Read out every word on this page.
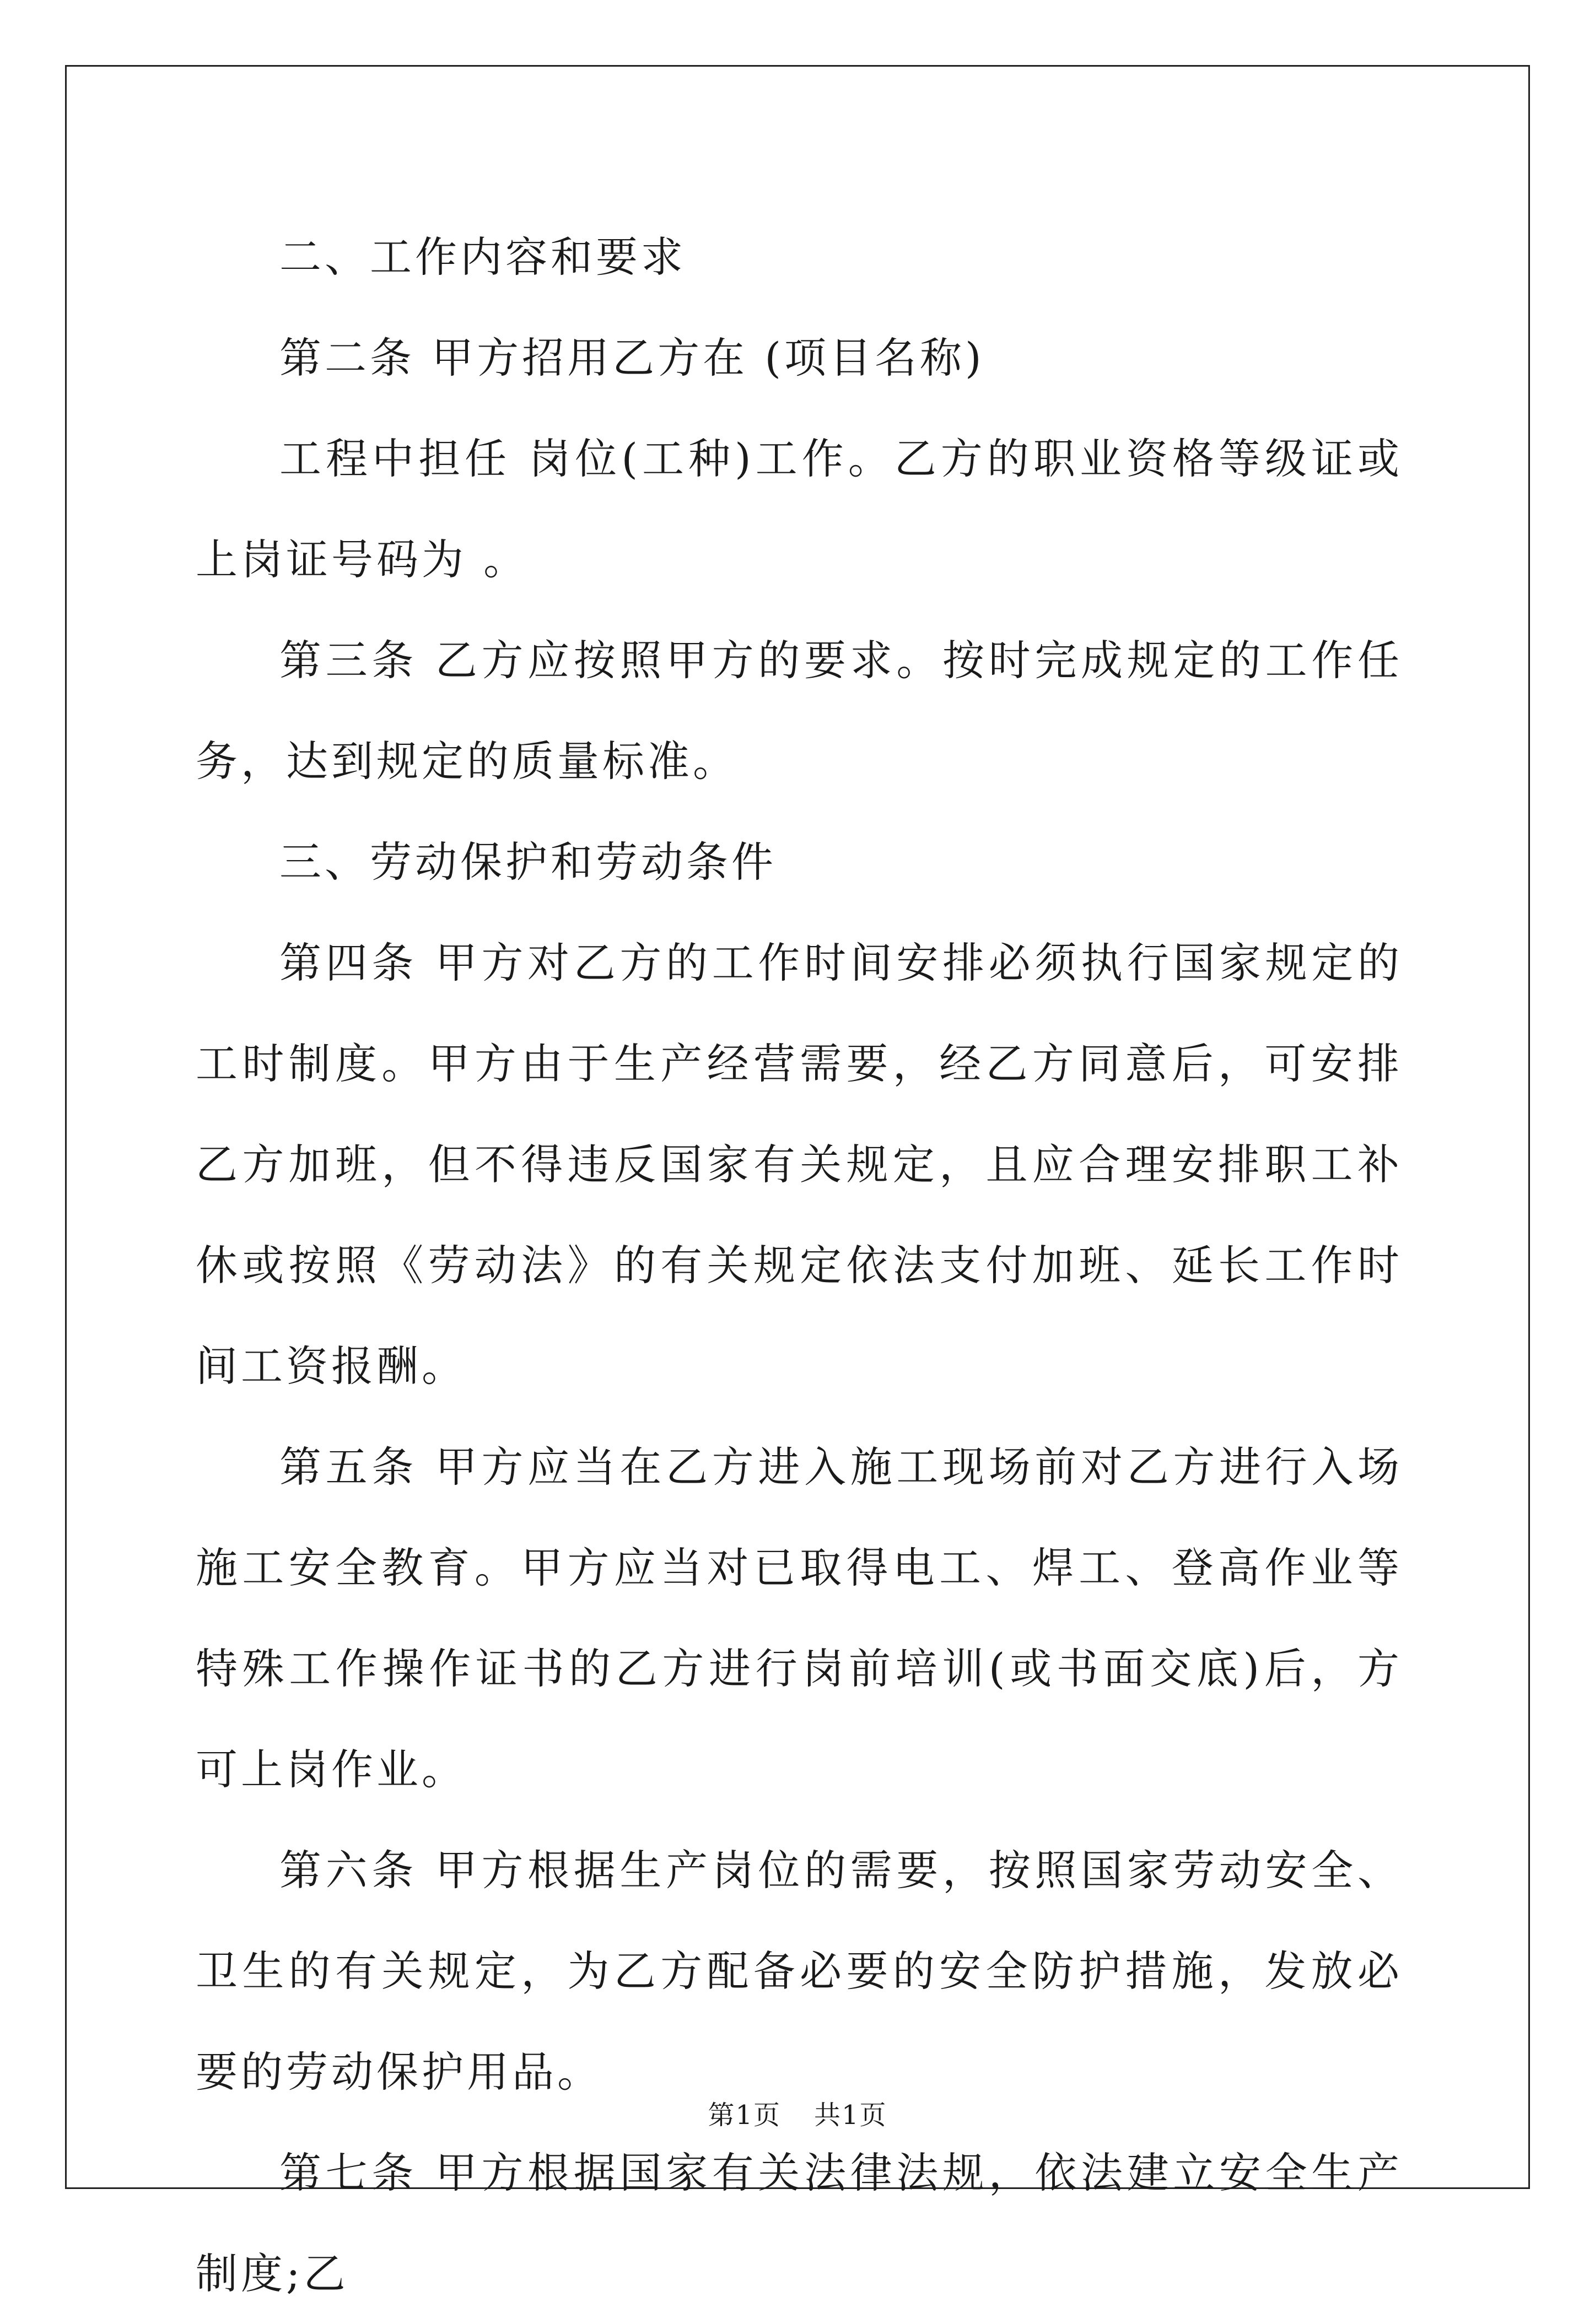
二、工作内容和要求

第二条 甲方招用乙方在 (项目名称)

工程中担任 岗位(工种)工作。乙方的职业资格等级证或上岗证号码为 。

第三条 乙方应按照甲方的要求。按时完成规定的工作任务，达到规定的质量标准。

三、劳动保护和劳动条件

第四条 甲方对乙方的工作时间安排必须执行国家规定的工时制度。甲方由于生产经营需要，经乙方同意后，可安排乙方加班，但不得违反国家有关规定，且应合理安排职工补休或按照《劳动法》的有关规定依法支付加班、延长工作时间工资报酬。

第五条 甲方应当在乙方进入施工现场前对乙方进行入场施工安全教育。甲方应当对已取得电工、焊工、登高作业等特殊工作操作证书的乙方进行岗前培训(或书面交底)后，方可上岗作业。

第六条 甲方根据生产岗位的需要，按照国家劳动安全、卫生的有关规定，为乙方配备必要的安全防护措施，发放必要的劳动保护用品。

第七条 甲方根据国家有关法律法规，依法建立安全生产制度;乙

第1页 共1页
